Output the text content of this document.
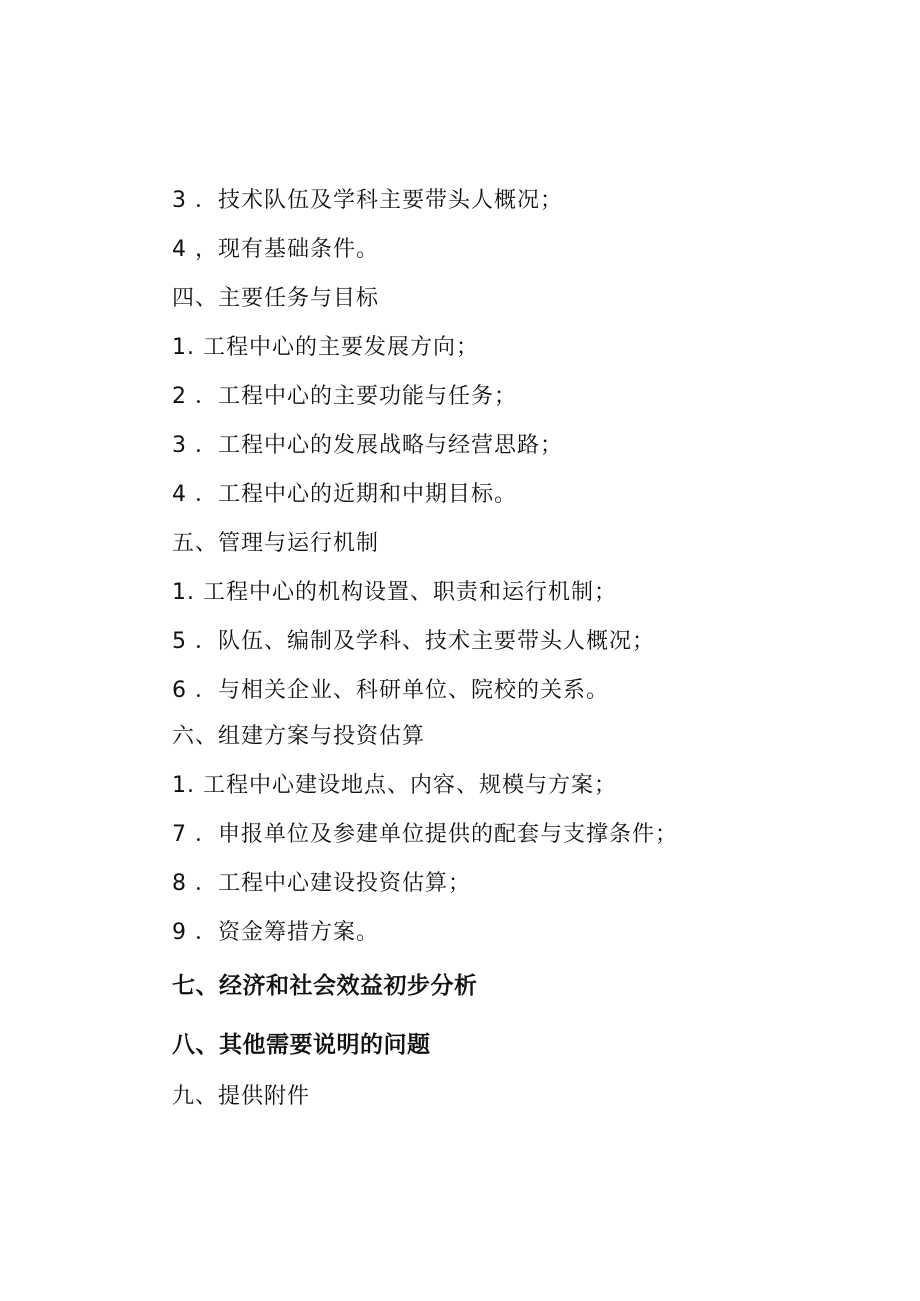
3 ．技术队伍及学科主要带头人概况；
4 ，现有基础条件。
四、主要任务与目标
1. 工程中心的主要发展方向；
2 ．工程中心的主要功能与任务；
3 ．工程中心的发展战略与经营思路；
4 ．工程中心的近期和中期目标。
五、管理与运行机制
1. 工程中心的机构设置、职责和运行机制；
5 ．队伍、编制及学科、技术主要带头人概况；
6 ．与相关企业、科研单位、院校的关系。
六、组建方案与投资估算
1. 工程中心建设地点、内容、规模与方案；
7 ．申报单位及参建单位提供的配套与支撑条件；
8 ．工程中心建设投资估算；
9 ．资金筹措方案。
七、经济和社会效益初步分析
八、其他需要说明的问题
九、提供附件
